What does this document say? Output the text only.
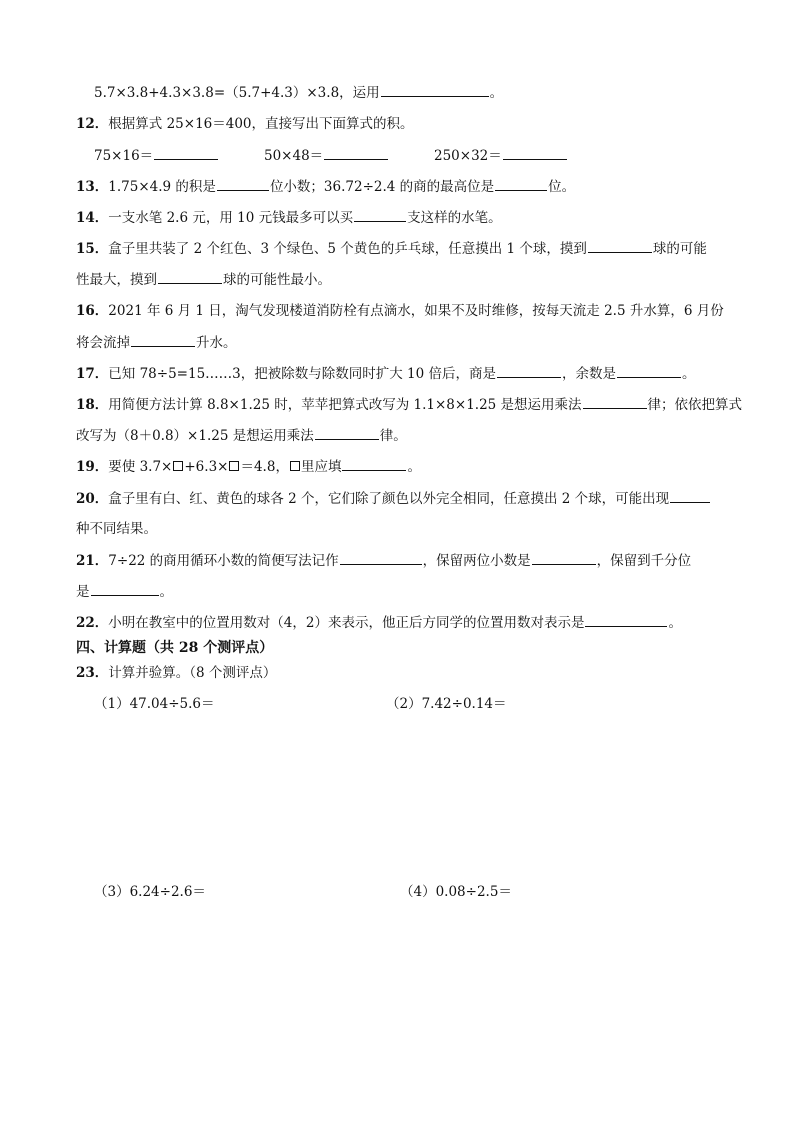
5.7×3.8+4.3×3.8=（5.7+4.3）×3.8，运用	。
12．根据算式 25×16＝400，直接写出下面算式的积。
75×16＝	50×48＝	250×32＝
13．1.75×4.9 的积是	位小数；36.72÷2.4 的商的最高位是	位。
14．一支水笔 2.6 元，用 10 元钱最多可以买	支这样的水笔。
15．盒子里共装了 2 个红色、3 个绿色、5 个黄色的乒乓球，任意摸出 1 个球，摸到	球的可能
性最大，摸到	球的可能性最小。
16．2021 年 6 月 1 日，淘气发现楼道消防栓有点滴水，如果不及时维修，按每天流走 2.5 升水算，6 月份
将会流掉	升水。
17．已知 78÷5=15……3，把被除数与除数同时扩大 10 倍后，商是	，余数是	。
18．用简便方法计算 8.8×1.25 时，苹苹把算式改写为 1.1×8×1.25 是想运用乘法	律；依依把算式
改写为（8＋0.8）×1.25 是想运用乘法	律。
19．要使 3.7× +6.3× ＝4.8， 里应填	。
20．盒子里有白、红、黄色的球各 2 个，它们除了颜色以外完全相同，任意摸出 2 个球，可能出现
种不同结果。
21．7÷22 的商用循环小数的简便写法记作	，保留两位小数是	，保留到千分位
是	。
22．小明在教室中的位置用数对（4，2）来表示，他正后方同学的位置用数对表示是	。
四、计算题（共 28 个测评点）
23．计算并验算。（8 个测评点）
（1）47.04÷5.6＝	（2）7.42÷0.14＝
（3）6.24÷2.6＝	（4）0.08÷2.5＝
